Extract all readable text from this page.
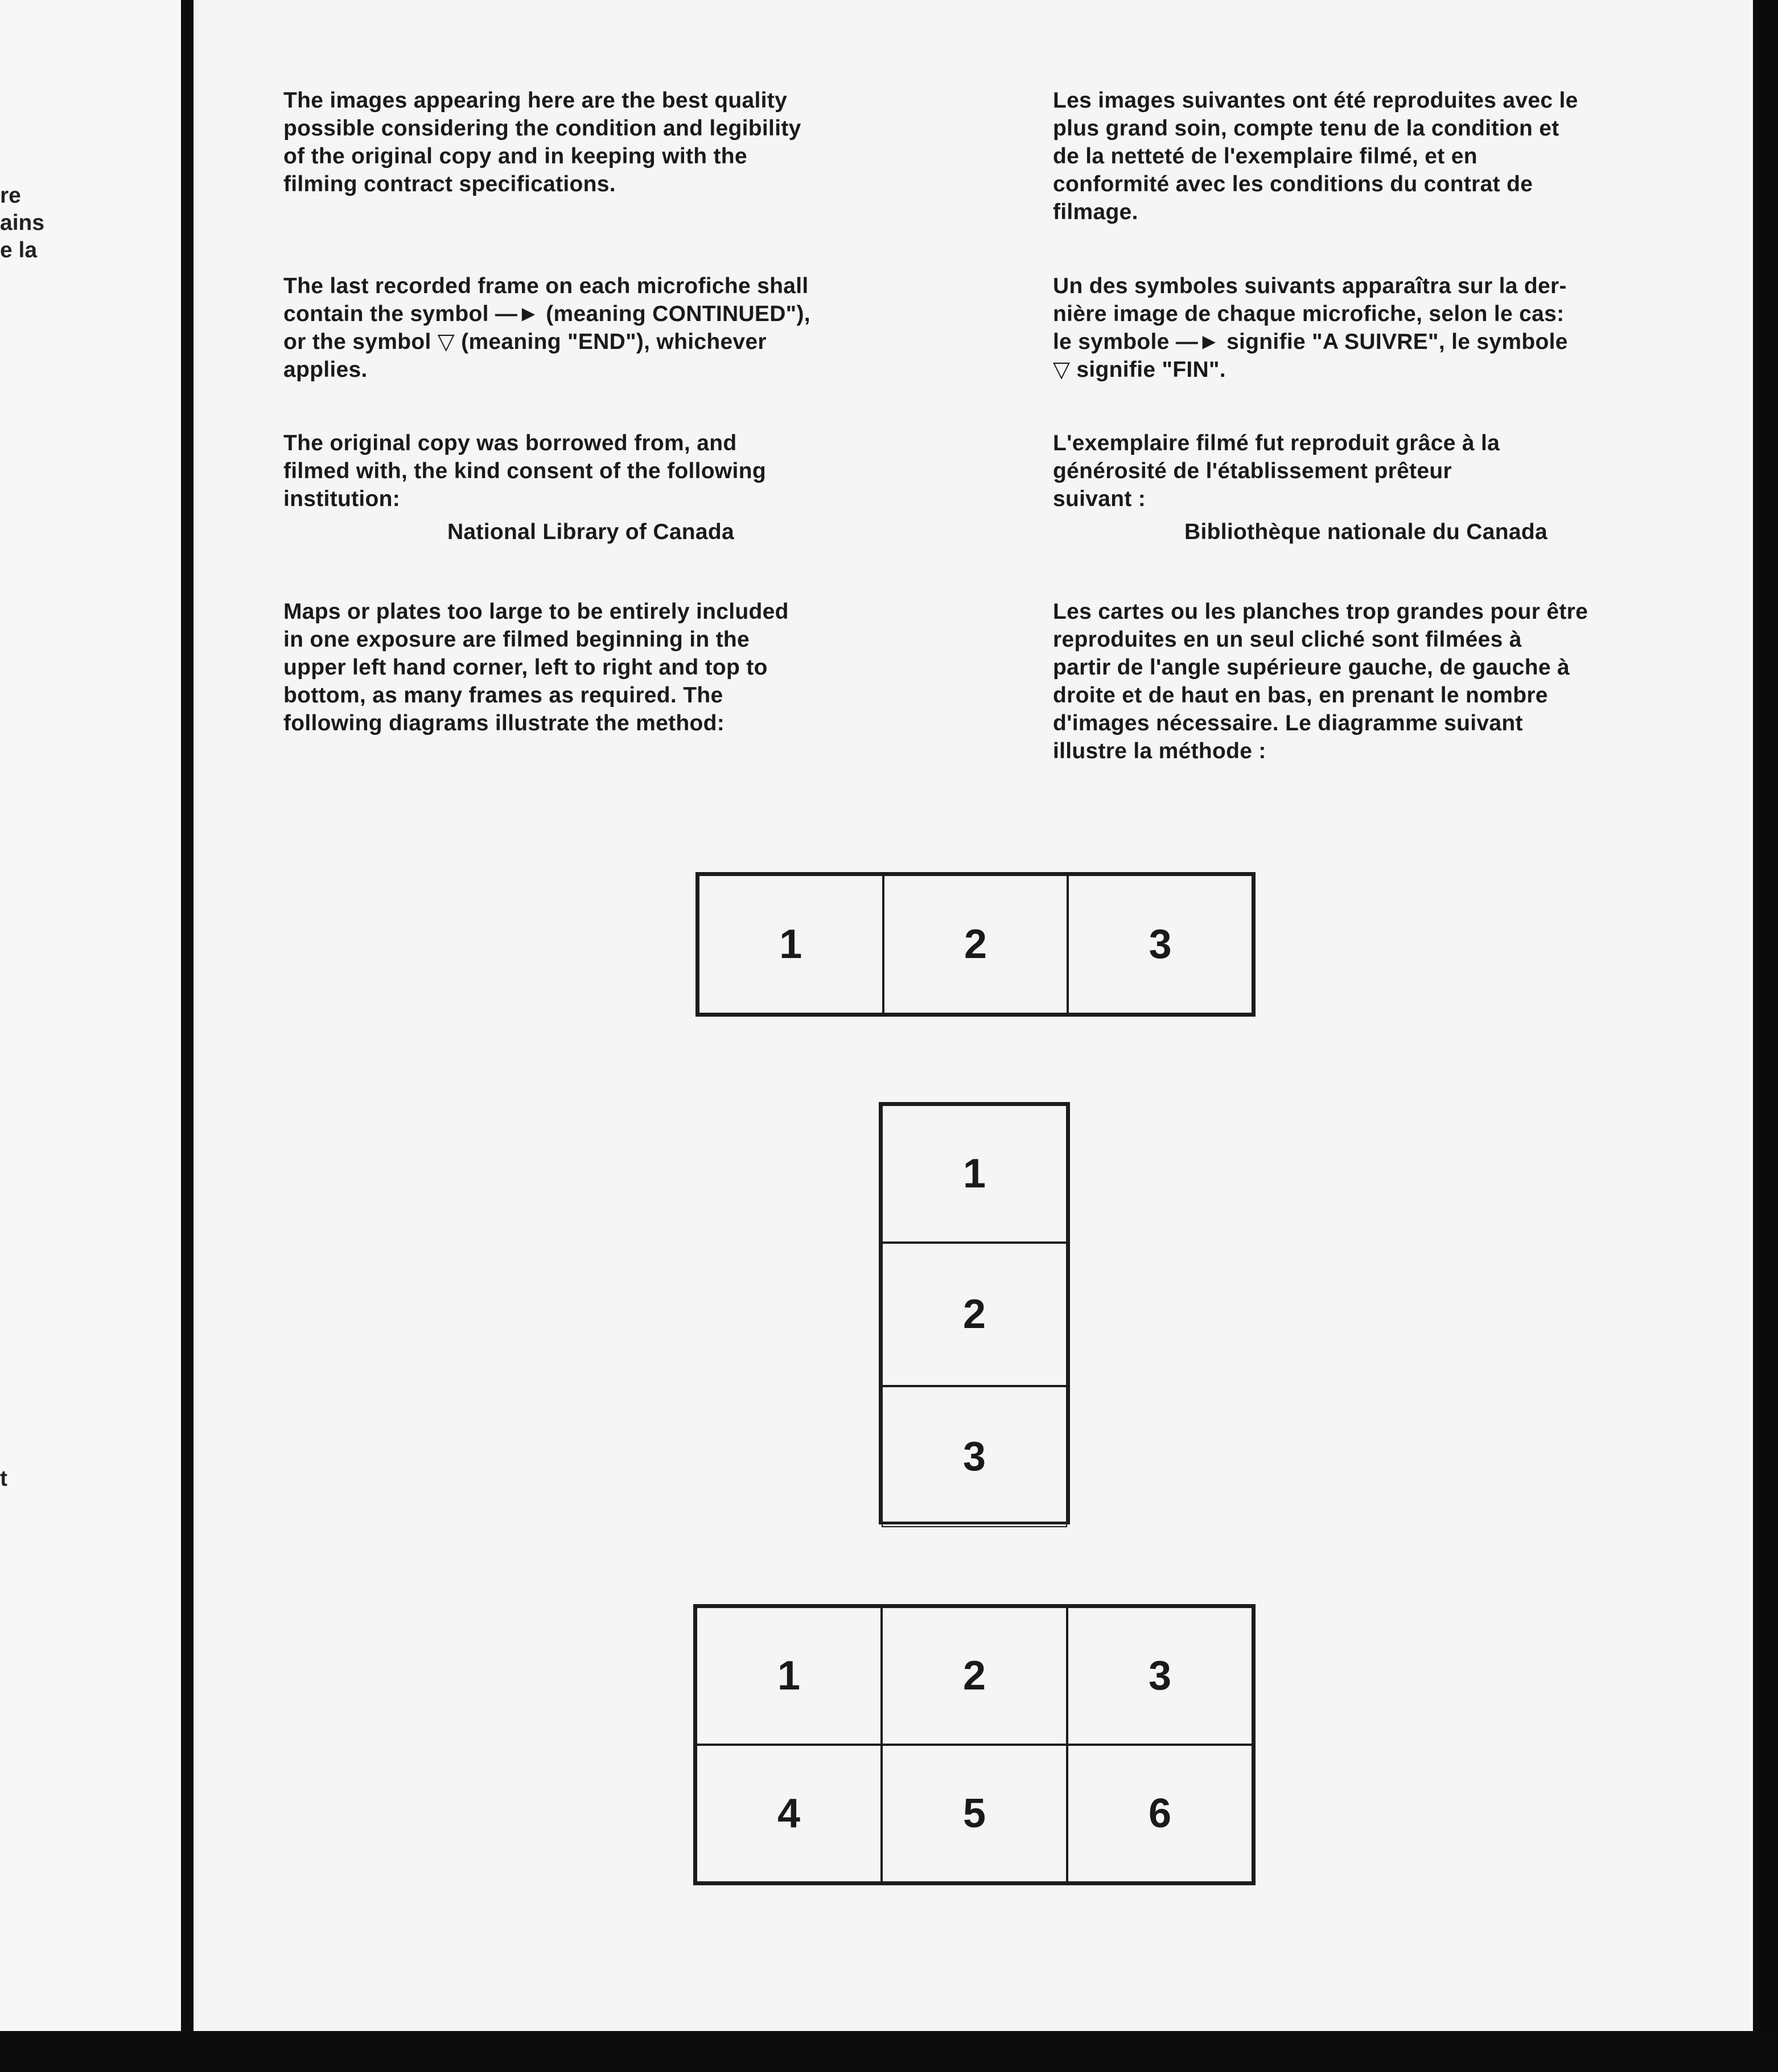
re
ains
e la
t

The images appearing here are the best quality
possible considering the condition and legibility
of the original copy and in keeping with the
filming contract specifications.

The last recorded frame on each microfiche shall
contain the symbol —► (meaning CONTINUED"),
or the symbol ▽ (meaning "END"), whichever
applies.

The original copy was borrowed from, and
filmed with, the kind consent of the following
institution:

National Library of Canada

Maps or plates too large to be entirely included
in one exposure are filmed beginning in the
upper left hand corner, left to right and top to
bottom, as many frames as required. The
following diagrams illustrate the method:

Les images suivantes ont été reproduites avec le
plus grand soin, compte tenu de la condition et
de la netteté de l'exemplaire filmé, et en
conformité avec les conditions du contrat de
filmage.

Un des symboles suivants apparaîtra sur la der-
nière image de chaque microfiche, selon le cas:
le symbole —► signifie "A SUIVRE", le symbole
▽ signifie "FIN".

L'exemplaire filmé fut reproduit grâce à la
générosité de l'établissement prêteur
suivant :

Bibliothèque nationale du Canada

Les cartes ou les planches trop grandes pour être
reproduites en un seul cliché sont filmées à
partir de l'angle supérieure gauche, de gauche à
droite et de haut en bas, en prenant le nombre
d'images nécessaire. Le diagramme suivant
illustre la méthode :

1	2	3
1
2
3
1	2	3
4	5	6
